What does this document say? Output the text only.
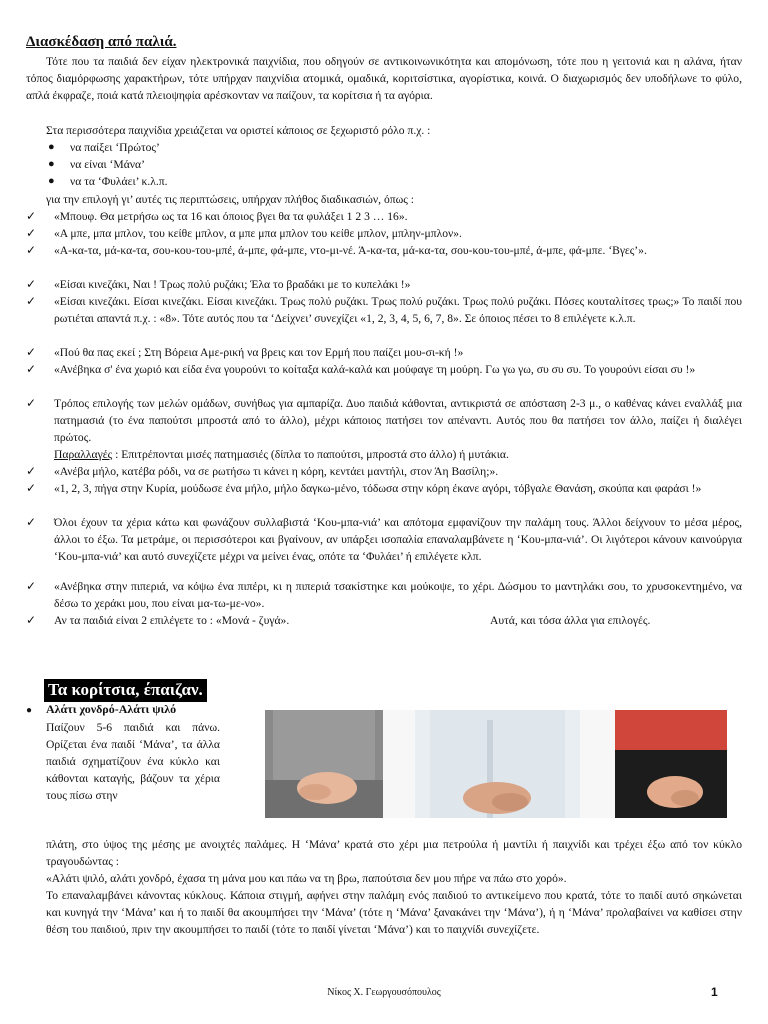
Διασκέδαση από παλιά.
Τότε που τα παιδιά δεν είχαν ηλεκτρονικά παιχνίδια, που οδηγούν σε αντικοινωνικότητα και απομόνωση, τότε που η γειτονιά και η αλάνα, ήταν τόπος διαμόρφωσης χαρακτήρων, τότε υπήρχαν παιχνίδια ατομικά, ομαδικά, κοριτσίστικα, αγορίστικα, κοινά. Ο διαχωρισμός δεν υποδήλωνε το φύλο, απλά έκφραζε, ποιά κατά πλειοψηφία αρέσκονταν να παίζουν, τα κορίτσια ή τα αγόρια.
Στα περισσότερα παιχνίδια χρειάζεται να οριστεί κάποιος σε ξεχωριστό ρόλο π.χ. :
● να παίξει ‘Πρώτος’
● να είναι ‘Μάνα’
● να τα ‘Φυλάει’ κ.λ.π.
για την επιλογή γι’ αυτές τις περιπτώσεις, υπήρχαν πλήθος διαδικασιών, όπως :
✓	«Μπουφ. Θα μετρήσω ως τα 16 και όποιος βγει θα τα φυλάξει 1 2 3 … 16».
✓	«Α μπε, μπα μπλον, του κείθε μπλον, α μπε μπα μπλον του κείθε μπλον, μπλην-μπλον».
✓	«Α-κα-τα, μά-κα-τα, σου-κου-του-μπέ, ά-μπε, φά-μπε, ντο-μι-νέ. Ά-κα-τα, μά-κα-τα, σου-κου-του-μπέ, ά-μπε, φά-μπε. ‘Βγες’».
✓	«Είσαι κινεζάκι, Ναι ! Τρως πολύ ρυζάκι; Έλα το βραδάκι με το κυπελάκι !»
✓	«Είσαι κινεζάκι. Είσαι κινεζάκι. Είσαι κινεζάκι. Τρως πολύ ρυζάκι. Τρως πολύ ρυζάκι. Τρως πολύ ρυζάκι. Πόσες κουταλίτσες τρως;» Το παιδί που ρωτιέται απαντά π.χ. : «8». Τότε αυτός που τα ‘Δείχνει’ συνεχίζει «1, 2, 3, 4, 5, 6, 7, 8». Σε όποιος πέσει το 8 επιλέγετε κ.λ.π.
✓	«Πού θα πας εκεί ; Στη Βόρεια Αμε-ρική να βρεις και τον Ερμή που παίζει μου-σι-κή !»
✓	«Ανέβηκα σ' ένα χωριό και είδα ένα γουρούνι το κοίταξα καλά-καλά και μούφαγε τη μούρη. Γω γω γω, συ συ συ. Το γουρούνι είσαι συ !»
✓	Τρόπος επιλογής των μελών ομάδων, συνήθως για αμπαρίζα. Δυο παιδιά κάθονται, αντικριστά σε απόσταση 2-3 μ., ο καθένας κάνει εναλλάξ μια πατημασιά (το ένα παπούτσι μπροστά από το άλλο), μέχρι κάποιος πατήσει τον απέναντι. Αυτός που θα πατήσει τον άλλο, παίζει ή διαλέγει πρώτος.
Παραλλαγές : Επιτρέπονται μισές πατημασιές (δίπλα το παπούτσι, μπροστά στο άλλο) ή μυτάκια.
✓	«Ανέβα μήλο, κατέβα ρόδι, να σε ρωτήσω τι κάνει η κόρη, κεντάει μαντήλι, στον Άη Βασίλη;».
✓	«1, 2, 3, πήγα στην Κυρία, μούδωσε ένα μήλο, μήλο δαγκω-μένο, τόδωσα στην κόρη έκανε αγόρι, τόβγαλε Θανάση, σκούπα και φαράσι !»
✓	Όλοι έχουν τα χέρια κάτω και φωνάζουν συλλαβιστά ‘Κου-μπα-νιά’ και απότομα εμφανίζουν την παλάμη τους. Άλλοι δείχνουν το μέσα μέρος, άλλοι το έξω. Τα μετράμε, οι περισσότεροι και βγαίνουν, αν υπάρξει ισοπαλία επαναλαμβάνετε η ‘Κου-μπα-νιά’. Οι λιγότεροι κάνουν καινούργια ‘Κου-μπα-νιά’ και αυτό συνεχίζετε μέχρι να μείνει ένας, οπότε τα ‘Φυλάει’ ή επιλέγετε κλπ.
✓	«Ανέβηκα στην πιπεριά, να κόψω ένα πιπέρι, κι η πιπεριά τσακίστηκε και μούκοψε, το χέρι. Δώσμου το μαντηλάκι σου, το χρυσοκεντημένο, να δέσω το χεράκι μου, που είναι μα-τω-με-νο».
✓	Αν τα παιδιά είναι 2 επιλέγετε το : «Μονά - ζυγά».	Αυτά, και τόσα άλλα για επιλογές.
Τα κορίτσια, έπαιζαν.
● Αλάτι χονδρό-Αλάτι ψιλό
Παίζουν 5-6 παιδιά και πάνω. Ορίζεται ένα παιδί ‘Μάνα’, τα άλλα παιδιά σχηματίζουν ένα κύκλο και κάθονται καταγής, βάζουν τα χέρια τους πίσω στην
πλάτη, στο ύψος της μέσης με ανοιχτές παλάμες. Η ‘Μάνα’ κρατά στο χέρι μια πετρούλα ή μαντίλι ή παιχνίδι και τρέχει έξω από τον κύκλο τραγουδώντας :
«Αλάτι ψιλό, αλάτι χονδρό, έχασα τη μάνα μου και πάω να τη βρω, παπούτσια δεν μου πήρε να πάω στο χορό».
Το επαναλαμβάνει κάνοντας κύκλους. Κάποια στιγμή, αφήνει στην παλάμη ενός παιδιού το αντικείμενο που κρατά, τότε το παιδί αυτό σηκώνεται και κυνηγά την ‘Μάνα’ και ή το παιδί θα ακουμπήσει την ‘Μάνα’ (τότε η ‘Μάνα’ ξανακάνει την ‘Μάνα’), ή η ‘Μάνα’ προλαβαίνει να καθίσει στην θέση του παιδιού, πριν την ακουμπήσει το παιδί (τότε το παιδί γίνεται ‘Μάνα’) και το παιχνίδι συνεχίζετε.
Νίκος Χ. Γεωργουσόπουλος	1
